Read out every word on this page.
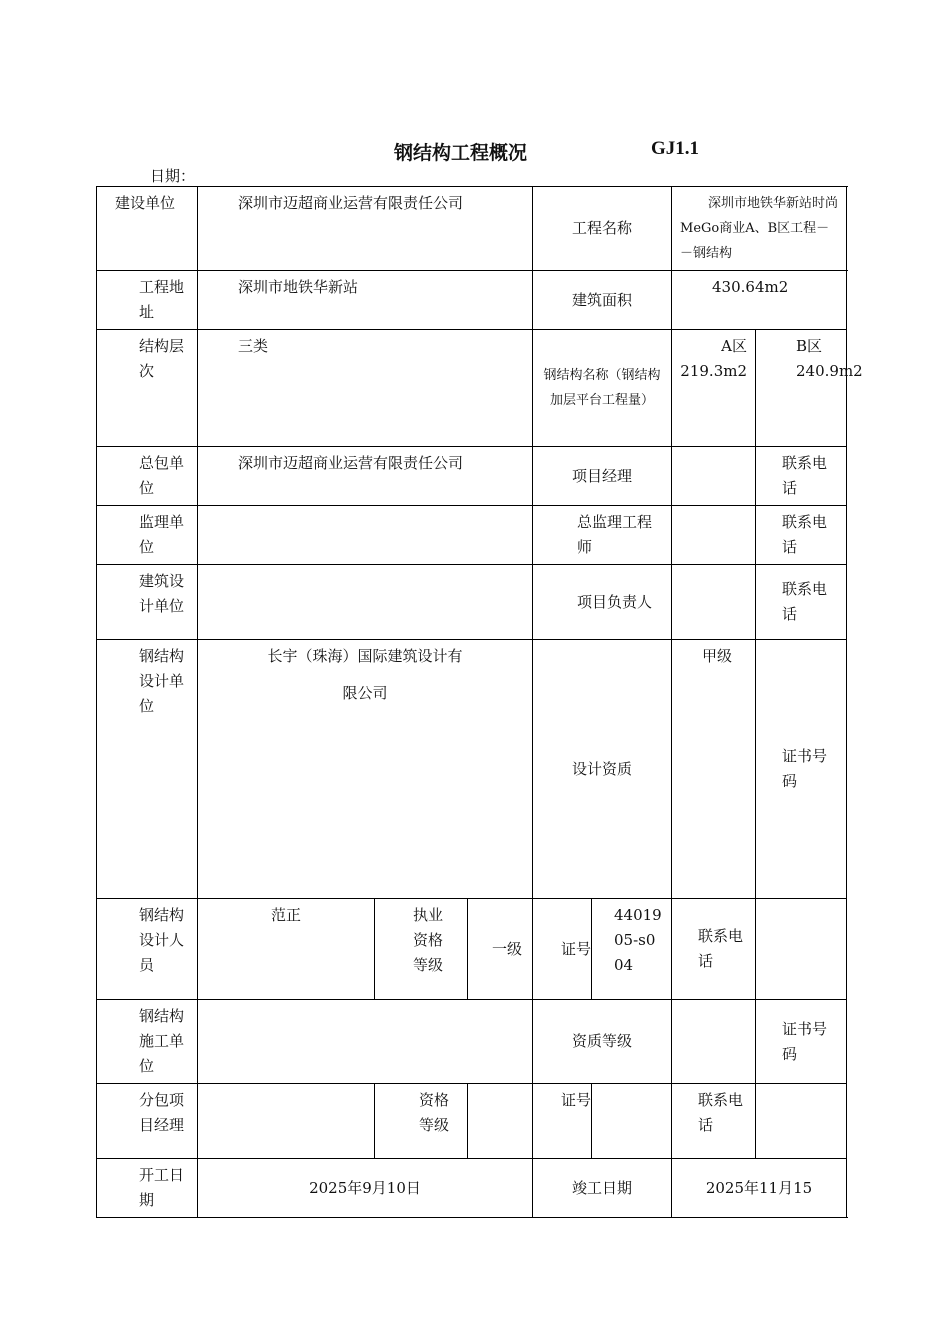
钢结构工程概况	GJ1.1
日期：
建设单位	深圳市迈超商业运营有限责任公司			工程名称		深圳市地铁华新站时尚MeGo商业A、B区工程－－钢结构		
工程地址	深圳市地铁华新站			建筑面积		430.64m2		
结构层次	三类			钢结构名称（钢结构加层平台工程量）		A区219.3m2	B区240.9m2	
总包单位	深圳市迈超商业运营有限责任公司			项目经理			联系电话	
监理单位				总监理工程师			联系电话	
建筑设计单位				项目负责人			联系电话	
钢结构设计单位	长宇（珠海）国际建筑设计有
限公司			设计资质		甲级	证书号码	
钢结构设计人员	范正	执业资格等级	一级	证号	4401905-s004	联系电话		
钢结构施工单位				资质等级			证书号码	
分包项目经理		资格等级		证号		联系电话		
开工日期	2025年9月10日			竣工日期		2025年11月15		
